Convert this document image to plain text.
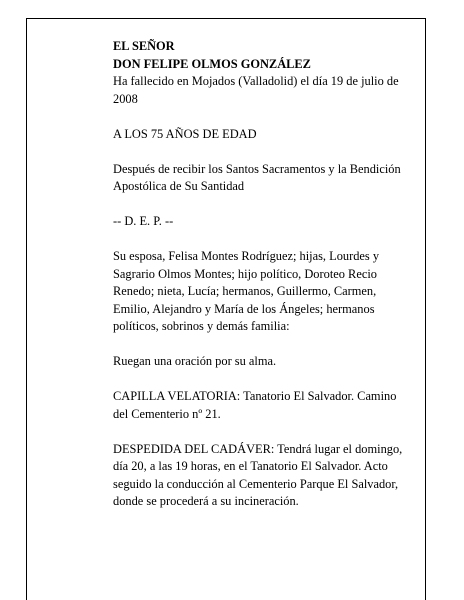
EL SEÑOR
DON FELIPE OLMOS GONZÁLEZ
Ha fallecido en Mojados (Valladolid) el día 19 de julio de 2008

A LOS 75 AÑOS DE EDAD

Después de recibir los Santos Sacramentos y la Bendición Apostólica de Su Santidad

-- D. E. P. --

Su esposa, Felisa Montes Rodríguez; hijas, Lourdes y Sagrario Olmos Montes; hijo político, Doroteo Recio Renedo; nieta, Lucía; hermanos, Guillermo, Carmen, Emilio, Alejandro y María de los Ángeles; hermanos políticos, sobrinos y demás familia:

Ruegan una oración por su alma.

CAPILLA VELATORIA: Tanatorio El Salvador. Camino del Cementerio nº 21.

DESPEDIDA DEL CADÁVER: Tendrá lugar el domingo, día 20, a las 19 horas, en el Tanatorio El Salvador. Acto seguido la conducción al Cementerio Parque El Salvador, donde se procederá a su incineración.
